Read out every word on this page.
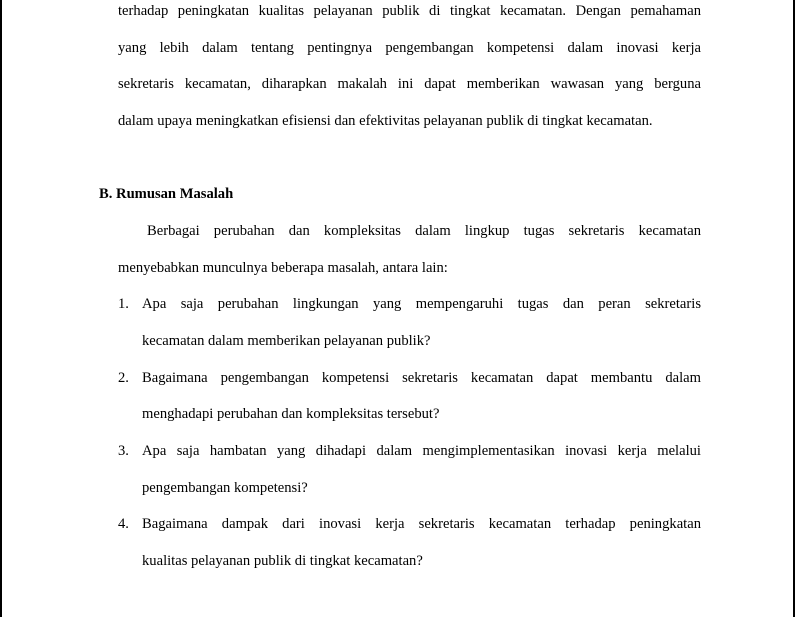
terhadap peningkatan kualitas pelayanan publik di tingkat kecamatan. Dengan pemahaman
yang lebih dalam tentang pentingnya pengembangan kompetensi dalam inovasi kerja
sekretaris kecamatan, diharapkan makalah ini dapat memberikan wawasan yang berguna
dalam upaya meningkatkan efisiensi dan efektivitas pelayanan publik di tingkat kecamatan.
B. Rumusan Masalah
Berbagai perubahan dan kompleksitas dalam lingkup tugas sekretaris kecamatan
menyebabkan munculnya beberapa masalah, antara lain:
1. Apa saja perubahan lingkungan yang mempengaruhi tugas dan peran sekretaris
kecamatan dalam memberikan pelayanan publik?
2. Bagaimana pengembangan kompetensi sekretaris kecamatan dapat membantu dalam
menghadapi perubahan dan kompleksitas tersebut?
3. Apa saja hambatan yang dihadapi dalam mengimplementasikan inovasi kerja melalui
pengembangan kompetensi?
4. Bagaimana dampak dari inovasi kerja sekretaris kecamatan terhadap peningkatan
kualitas pelayanan publik di tingkat kecamatan?
